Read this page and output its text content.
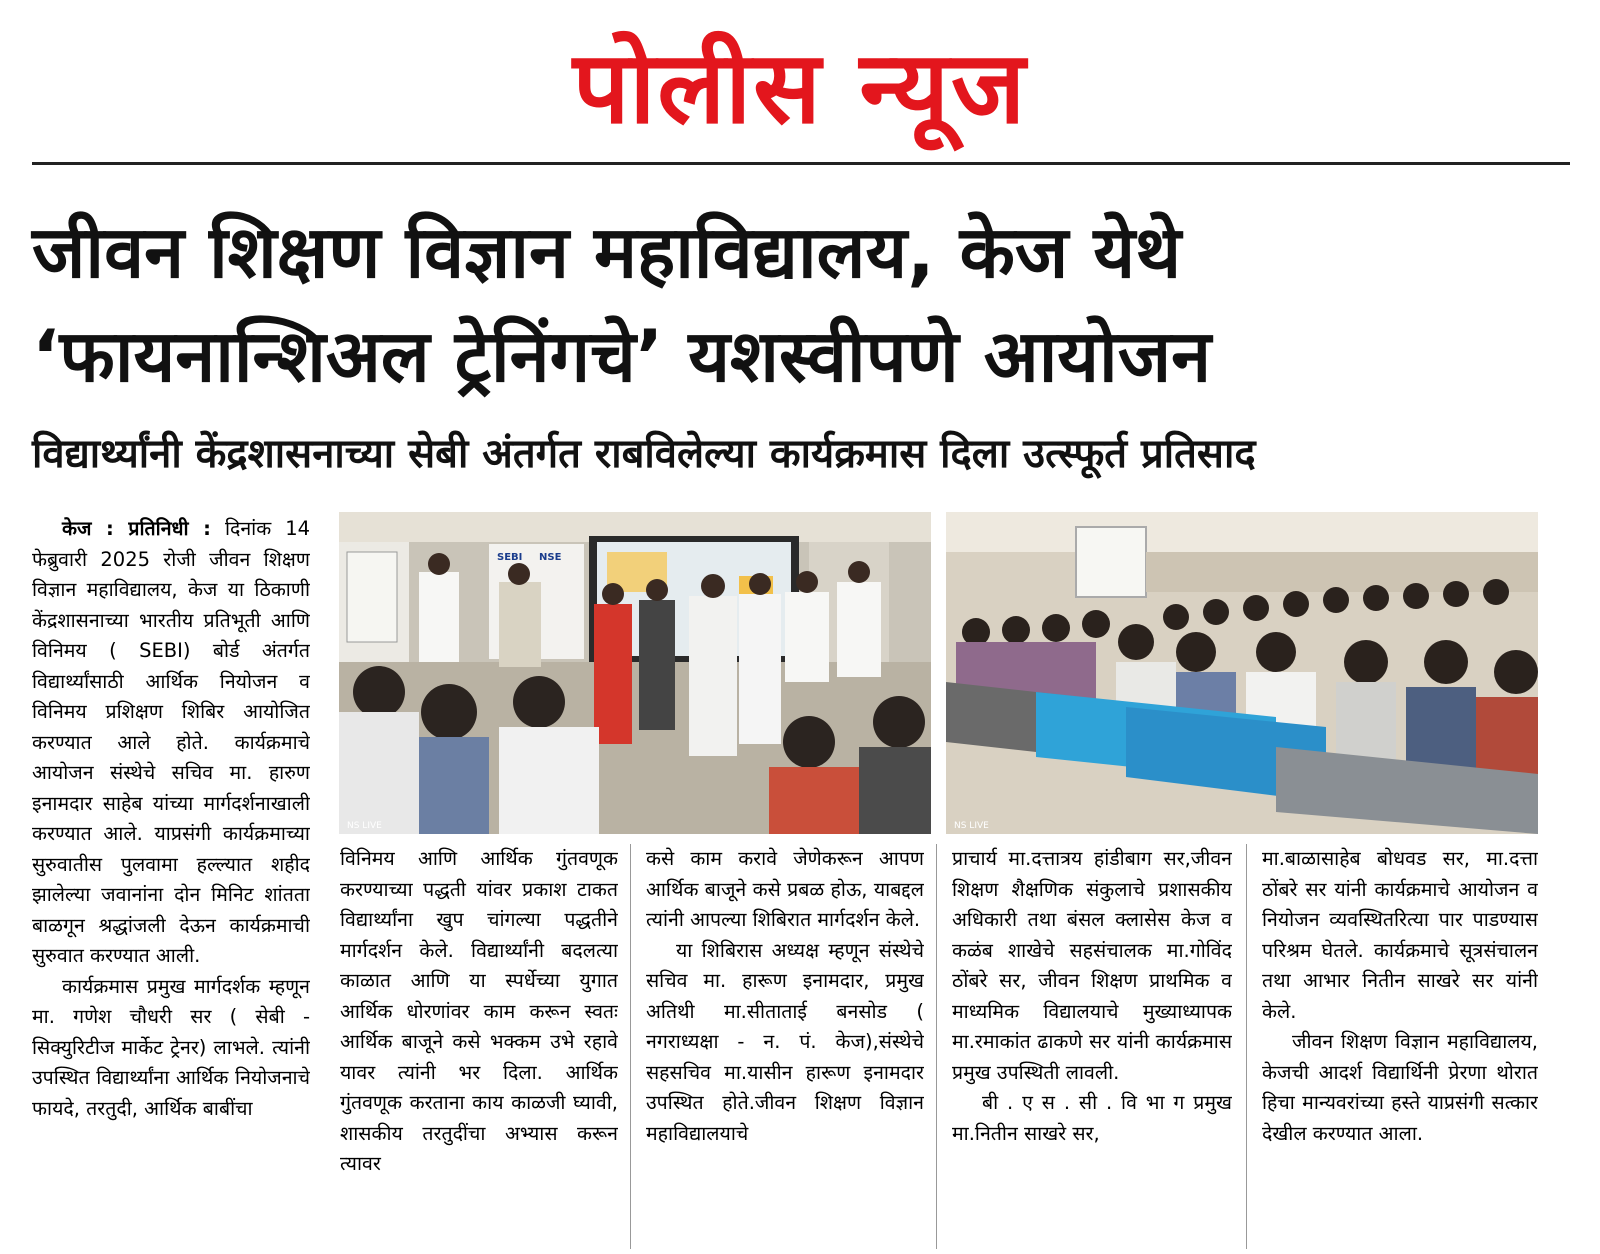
पोलीस न्यूज
जीवन शिक्षण विज्ञान महाविद्यालय, केज येथे
‘फायनान्शिअल ट्रेनिंगचे’ यशस्वीपणे आयोजन
विद्यार्थ्यांनी केंद्रशासनाच्या सेबी अंतर्गत राबविलेल्या कार्यक्रमास दिला उत्स्फूर्त प्रतिसाद

केज : प्रतिनिधी : दिनांक 14 फेब्रुवारी 2025 रोजी जीवन शिक्षण विज्ञान महाविद्यालय, केज या ठिकाणी केंद्रशासनाच्या भारतीय प्रतिभूती आणि विनिमय ( SEBI) बोर्ड अंतर्गत विद्यार्थ्यांसाठी आर्थिक नियोजन व विनिमय प्रशिक्षण शिबिर आयोजित करण्यात आले होते. कार्यक्रमाचे आयोजन संस्थेचे सचिव मा. हारुण इनामदार साहेब यांच्या मार्गदर्शनाखाली करण्यात आले. याप्रसंगी कार्यक्रमाच्या सुरुवातीस पुलवामा हल्ल्यात शहीद झालेल्या जवानांना दोन मिनिट शांतता बाळगून श्रद्धांजली देऊन कार्यक्रमाची सुरुवात करण्यात आली.

कार्यक्रमास प्रमुख मार्गदर्शक म्हणून मा. गणेश चौधरी सर ( सेबी - सिक्युरिटीज मार्केट ट्रेनर) लाभले. त्यांनी उपस्थित विद्यार्थ्यांना आर्थिक नियोजनाचे फायदे, तरतुदी, आर्थिक बाबींचा

SEBI NSE
NS LIVE	NS LIVE

विनिमय आणि आर्थिक गुंतवणूक करण्याच्या पद्धती यांवर प्रकाश टाकत विद्यार्थ्यांना खुप चांगल्या पद्धतीने मार्गदर्शन केले. विद्यार्थ्यांनी बदलत्या काळात आणि या स्पर्धेच्या युगात आर्थिक धोरणांवर काम करून स्वतः आर्थिक बाजूने कसे भक्कम उभे रहावे यावर त्यांनी भर दिला. आर्थिक गुंतवणूक करताना काय काळजी घ्यावी, शासकीय तरतुदींचा अभ्यास करून त्यावर

कसे काम करावे जेणेकरून आपण आर्थिक बाजूने कसे प्रबळ होऊ, याबद्दल त्यांनी आपल्या शिबिरात मार्गदर्शन केले.

या शिबिरास अध्यक्ष म्हणून संस्थेचे सचिव मा. हारूण इनामदार, प्रमुख अतिथी मा.सीताताई बनसोड ( नगराध्यक्षा - न. पं. केज),संस्थेचे सहसचिव मा.यासीन हारूण इनामदार उपस्थित होते.जीवन शिक्षण विज्ञान महाविद्यालयाचे

प्राचार्य मा.दत्तात्रय हांडीबाग सर,जीवन शिक्षण शैक्षणिक संकुलाचे प्रशासकीय अधिकारी तथा बंसल क्लासेस केज व कळंब शाखेचे सहसंचालक मा.गोविंद ठोंबरे सर, जीवन शिक्षण प्राथमिक व माध्यमिक विद्यालयाचे मुख्याध्यापक मा.रमाकांत ढाकणे सर यांनी कार्यक्रमास प्रमुख उपस्थिती लावली.

बी . ए स . सी . वि भा ग प्रमुख मा.नितीन साखरे सर,

मा.बाळासाहेब बोधवड सर, मा.दत्ता ठोंबरे सर यांनी कार्यक्रमाचे आयोजन व नियोजन व्यवस्थितरित्या पार पाडण्यास परिश्रम घेतले. कार्यक्रमाचे सूत्रसंचालन तथा आभार नितीन साखरे सर यांनी केले.

जीवन शिक्षण विज्ञान महाविद्यालय, केजची आदर्श विद्यार्थिनी प्रेरणा थोरात हिचा मान्यवरांच्या हस्ते याप्रसंगी सत्कार देखील करण्यात आला.
